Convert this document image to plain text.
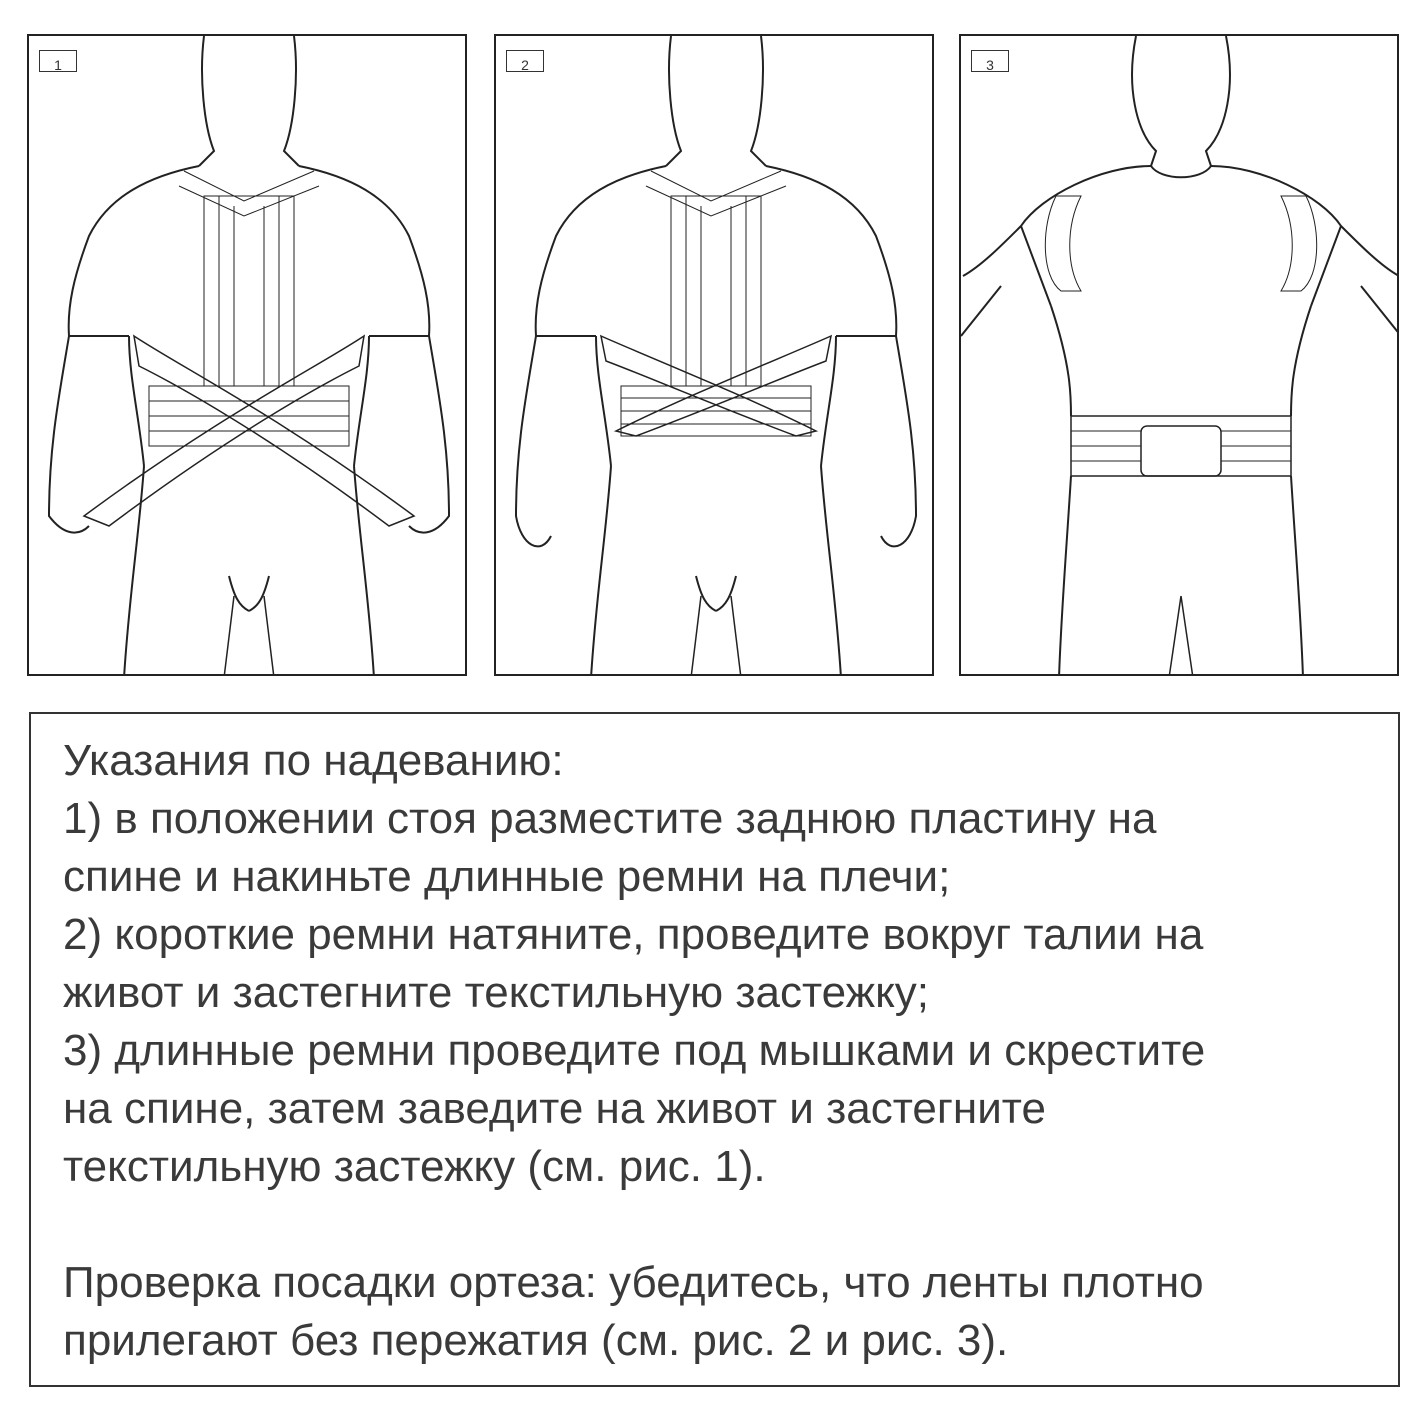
1	2	3

Указания по надеванию:

1) в положении стоя разместите заднюю пластину на

спине и накиньте длинные ремни на плечи;

2) короткие ремни натяните, проведите вокруг талии на

живот и застегните текстильную застежку;

3) длинные ремни проведите под мышками и скрестите

на спине, затем заведите на живот и застегните

текстильную застежку (см. рис. 1).

Проверка посадки ортеза: убедитесь, что ленты плотно

прилегают без пережатия (см. рис. 2 и рис. 3).
